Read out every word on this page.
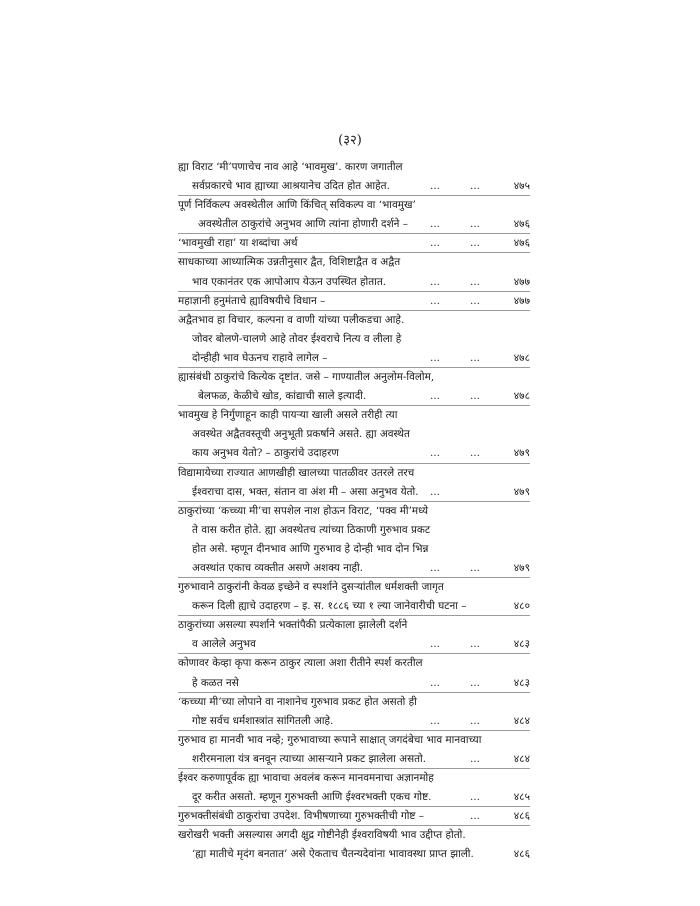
(३२)
ह्या विराट ‘मी’पणाचेच नाव आहे ‘भावमुख’. कारण जगातील
सर्वप्रकारचे भाव ह्याच्या आश्रयानेच उदित होत आहेत.	…	…	४७५
पूर्ण निर्विकल्प अवस्थेतील आणि किंचित् सविकल्प वा ‘भावमुख’
अवस्थेतील ठाकुरांचे अनुभव आणि त्यांना होणारी दर्शने – …	…	४७६
‘भावमुखी राहा’ या शब्दांचा अर्थ	…	…	४७६
साधकाच्या आध्यात्मिक उन्नतीनुसार द्वैत, विशिष्टाद्वैत व अद्वैत
भाव एकानंतर एक आपोआप येऊन उपस्थित होतात.	…	…	४७७
महाज्ञानी हनुमंताचे ह्याविषयीचे विधान –	…	…	४७७
अद्वैतभाव हा विचार, कल्पना व वाणी यांच्या पलीकडचा आहे.
जोवर बोलणे-चालणे आहे तोवर ईश्वराचे नित्य व लीला हे
दोन्हीही भाव घेऊनच राहावे लागेल –	…	…	४७८
ह्यासंबंधी ठाकुरांचे कित्येक दृष्टांत. जसे – गाण्यातील अनुलोम-विलोम,
बेलफळ, केळीचे खोड, कांद्याची साले इत्यादी.	…	…	४७८
भावमुख हे निर्गुणाहून काही पायऱ्या खाली असले तरीही त्या
अवस्थेत अद्वैतवस्तूची अनुभूती प्रकर्षाने असते. ह्या अवस्थेत
काय अनुभव येतो? – ठाकुरांचे उदाहरण	…	…	४७९
विद्यामायेच्या राज्यात आणखीही खालच्या पातळीवर उतरले तरच
ईश्वराचा दास, भक्त, संतान वा अंश मी – असा अनुभव येतो. …	४७९
ठाकुरांच्या ‘कच्च्या मी’चा सपशेल नाश होऊन विराट, ‘पक्व मी’मध्ये
ते वास करीत होते. ह्या अवस्थेतच त्यांच्या ठिकाणी गुरुभाव प्रकट
होत असे. म्हणून दीनभाव आणि गुरुभाव हे दोन्ही भाव दोन भिन्न
अवस्थांत एकाच व्यक्तीत असणे अशक्य नाही.	…	…	४७९
गुरुभावाने ठाकुरांनी केवळ इच्छेने व स्पर्शाने दुसऱ्यांतील धर्मशक्ती जागृत
करून दिली ह्याचे उदाहरण – इ. स. १८८६ च्या १ ल्या जानेवारीची घटना –	४८०
ठाकुरांच्या असल्या स्पर्शाने भक्तांपैकी प्रत्येकाला झालेली दर्शने
व आलेले अनुभव	…	…	४८३
कोणावर केव्हा कृपा करून ठाकुर त्याला अशा रीतीने स्पर्श करतील
हे कळत नसे	…	…	४८३
‘कच्च्या मी’च्या लोपाने वा नाशानेच गुरुभाव प्रकट होत असतो ही
गोष्ट सर्वच धर्मशास्त्रांत सांगितली आहे.	…	…	४८४
गुरुभाव हा मानवी भाव नव्हे; गुरुभावाच्या रूपाने साक्षात् जगदंबेचा भाव मानवाच्या
शरीरमनाला यंत्र बनवून त्याच्या आसऱ्याने प्रकट झालेला असतो.	…	४८४
ईश्वर करुणापूर्वक ह्या भावाचा अवलंब करून मानवमनाचा अज्ञानमोह
दूर करीत असतो. म्हणून गुरुभक्ती आणि ईश्वरभक्ती एकच गोष्ट.	…	४८५
गुरुभक्तीसंबंधी ठाकुरांचा उपदेश. विभीषणाच्या गुरुभक्तीची गोष्ट –	…	४८६
खरोखरी भक्ती असल्यास अगदी क्षुद्र गोष्टीनेही ईश्वराविषयी भाव उद्दीप्त होतो.
‘ह्या मातीचे मृदंग बनतात’ असे ऐकताच चैतन्यदेवांना भावावस्था प्राप्त झाली.	४८६
